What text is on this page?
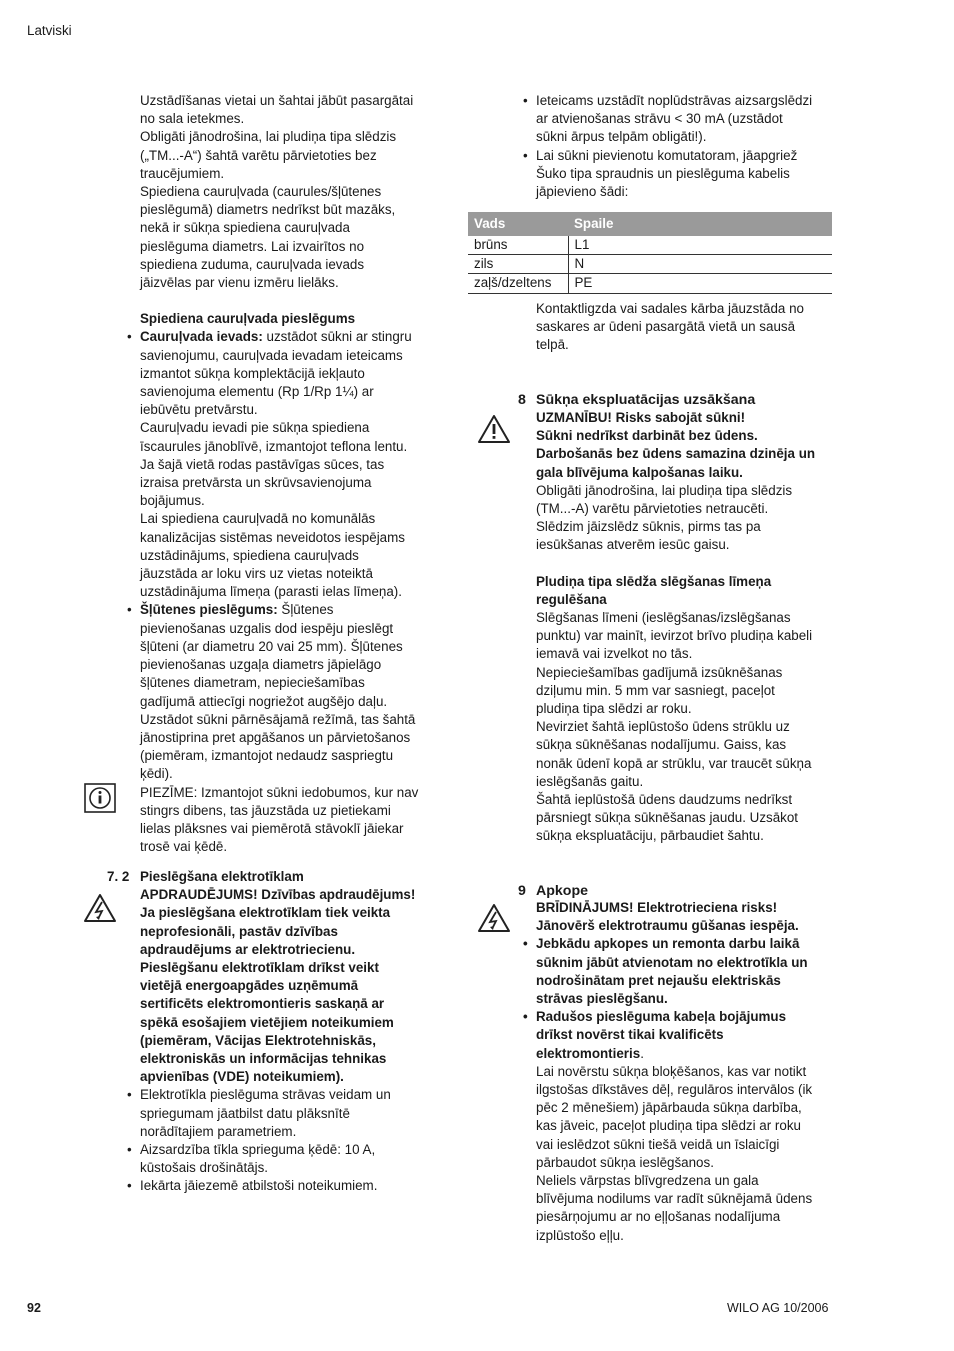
Latviski

Uzstādīšanas vietai un šahtai jābūt pasargātai

no sala ietekmes.

Obligāti jānodrošina, lai pludiņa tipa slēdzis

(„TM...-A“) šahtā varētu pārvietoties bez

traucējumiem.

Spiediena cauruļvada (caurules/šļūtenes

pieslēgumā) diametrs nedrīkst būt mazāks,

nekā ir sūkņa spiediena cauruļvada

pieslēguma diametrs. Lai izvairītos no

spiediena zuduma, cauruļvada ievads

jāizvēlas par vienu izmēru lielāks.

Spiediena cauruļvada pieslēgums

• Cauruļvada ievads: uzstādot sūkni ar stingru

savienojumu, cauruļvada ievadam ieteicams

izmantot sūkņa komplektācijā iekļauto

savienojuma elementu (Rp 1/Rp 1¼) ar

iebūvētu pretvārstu.

Cauruļvadu ievadi pie sūkņa spiediena

īscaurules jānoblīvē, izmantojot teflona lentu.

Ja šajā vietā rodas pastāvīgas sūces, tas

izraisa pretvārsta un skrūvsavienojuma

bojājumus.

Lai spiediena cauruļvadā no komunālās

kanalizācijas sistēmas neveidotos iespējams

uzstādinājums, spiediena cauruļvads

jāuzstāda ar loku virs uz vietas noteiktā

uzstādinājuma līmeņa (parasti ielas līmeņa).

• Šļūtenes pieslēgums: Šļūtenes

pievienošanas uzgalis dod iespēju pieslēgt

šļūteni (ar diametru 20 vai 25 mm). Šļūtenes

pievienošanas uzgaļa diametrs jāpielāgo

šļūtenes diametram, nepieciešamības

gadījumā attiecīgi nogriežot augšējo daļu.

Uzstādot sūkni pārnēsājamā režīmā, tas šahtā

jānostiprina pret apgāšanos un pārvietošanos

(piemēram, izmantojot nedaudz saspriegtu

ķēdi).

PIEZĪME: Izmantojot sūkni iedobumos, kur nav

stingrs dibens, tas jāuzstāda uz pietiekami

lielas plāksnes vai piemērotā stāvoklī jāiekar

trosē vai ķēdē.

7. 2 Pieslēgšana elektrotīklam

APDRAUDĒJUMS! Dzīvības apdraudējums!

Ja pieslēgšana elektrotīklam tiek veikta

neprofesionāli, pastāv dzīvības

apdraudējums ar elektrotriecienu.

Pieslēgšanu elektrotīklam drīkst veikt

vietējā energoapgādes uzņēmumā

sertificēts elektromontieris saskaņā ar

spēkā esošajiem vietējiem noteikumiem

(piemēram, Vācijas Elektrotehniskās,

elektroniskās un informācijas tehnikas

apvienības (VDE) noteikumiem).

• Elektrotīkla pieslēguma strāvas veidam un

spriegumam jāatbilst datu plāksnītē

norādītajiem parametriem.

• Aizsardzība tīkla sprieguma ķēdē: 10 A,

kūstošais drošinātājs.

• Iekārta jāiezemē atbilstoši noteikumiem.

• Ieteicams uzstādīt noplūdstrāvas aizsargslēdzi

ar atvienošanas strāvu < 30 mA (uzstādot

sūkni ārpus telpām obligāti!).

• Lai sūkni pievienotu komutatoram, jāapgriež

Šuko tipa spraudnis un pieslēguma kabelis

jāpievieno šādi:

Vads	Spaile
brūns	L1
zils	N
zaļš/dzeltens	PE

Kontaktligzda vai sadales kārba jāuzstāda no

saskares ar ūdeni pasargātā vietā un sausā

telpā.

8 Sūkņa ekspluatācijas uzsākšana

UZMANĪBU! Risks sabojāt sūkni!

Sūkni nedrīkst darbināt bez ūdens.

Darbošanās bez ūdens samazina dzinēja un

gala blīvējuma kalpošanas laiku.

Obligāti jānodrošina, lai pludiņa tipa slēdzis

(TM...-A) varētu pārvietoties netraucēti.

Slēdzim jāizslēdz sūknis, pirms tas pa

iesūkšanas atverēm iesūc gaisu.

Pludiņa tipa slēdža slēgšanas līmeņa

regulēšana

Slēgšanas līmeni (ieslēgšanas/izslēgšanas

punktu) var mainīt, ievirzot brīvo pludiņa kabeli

iemavā vai izvelkot no tās.

Nepieciešamības gadījumā izsūknēšanas

dziļumu min. 5 mm var sasniegt, paceļot

pludiņa tipa slēdzi ar roku.

Nevirziet šahtā ieplūstošo ūdens strūklu uz

sūkņa sūknēšanas nodalījumu. Gaiss, kas

nonāk ūdenī kopā ar strūklu, var traucēt sūkņa

ieslēgšanās gaitu.

Šahtā ieplūstošā ūdens daudzums nedrīkst

pārsniegt sūkņa sūknēšanas jaudu. Uzsākot

sūkņa ekspluatāciju, pārbaudiet šahtu.

9 Apkope

BRĪDINĀJUMS! Elektrotrieciena risks!

Jānovērš elektrotraumu gūšanas iespēja.

• Jebkādu apkopes un remonta darbu laikā

sūknim jābūt atvienotam no elektrotīkla un

nodrošinātam pret nejaušu elektriskās

strāvas pieslēgšanu.

• Radušos pieslēguma kabeļa bojājumus

drīkst novērst tikai kvalificēts

elektromontieris.

Lai novērstu sūkņa bloķēšanos, kas var notikt

ilgstošas dīkstāves dēļ, regulāros intervālos (ik

pēc 2 mēnešiem) jāpārbauda sūkņa darbība,

kas jāveic, paceļot pludiņa tipa slēdzi ar roku

vai ieslēdzot sūkni tiešā veidā un īslaicīgi

pārbaudot sūkņa ieslēgšanos.

Neliels vārpstas blīvgredzena un gala

blīvējuma nodilums var radīt sūknējamā ūdens

piesārņojumu ar no eļļošanas nodalījuma

izplūstošo eļļu.

92	WILO AG 10/2006
